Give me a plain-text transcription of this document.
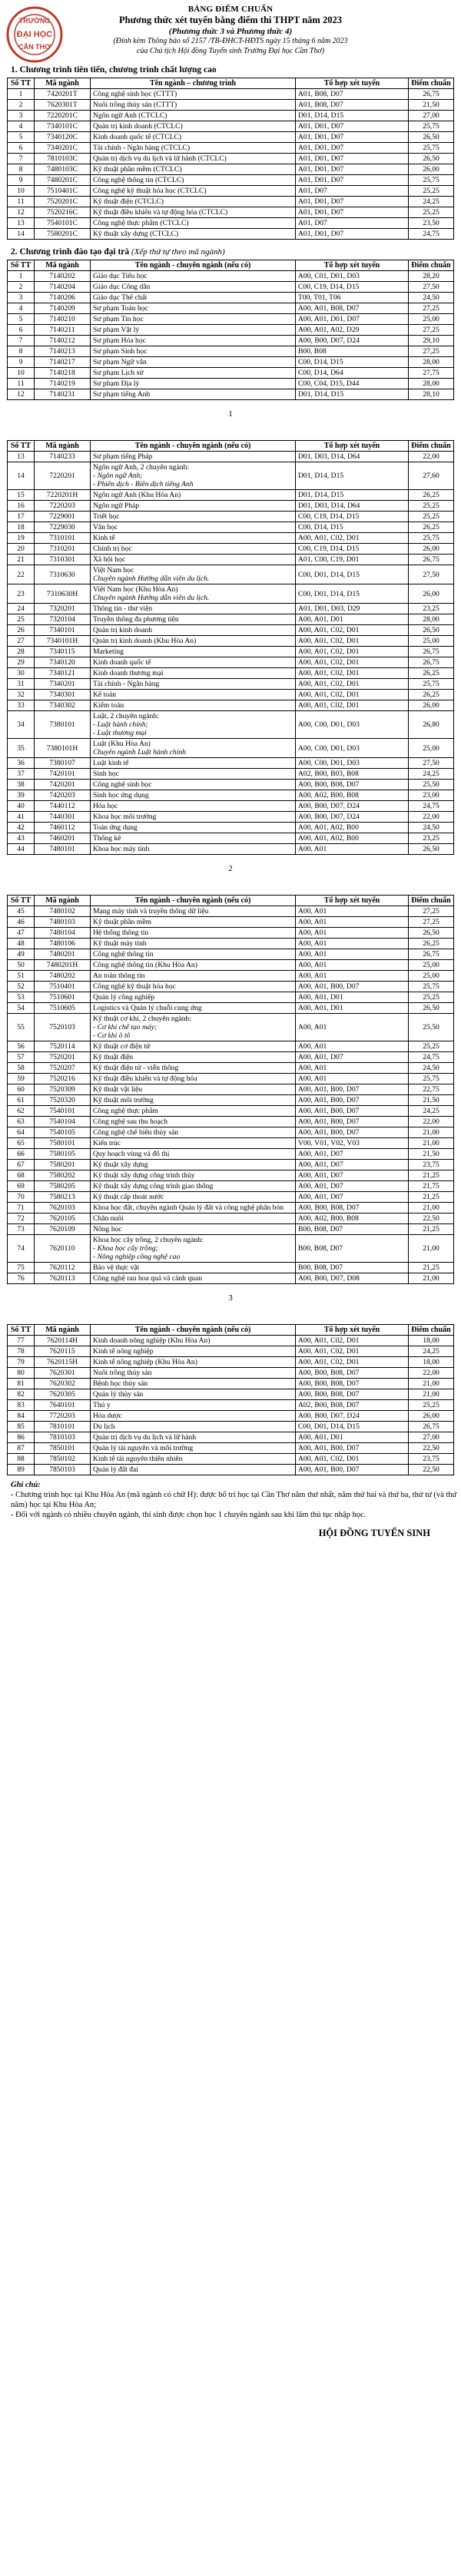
TRƯỜNG
ĐẠI HỌC
CẦN THƠ
BẢNG ĐIỂM CHUẨN
Phương thức xét tuyển bằng điểm thi THPT năm 2023
(Phương thức 3 và Phương thức 4)
(Đính kèm Thông báo số 2157 /TB-ĐHCT-HĐTS ngày 15 tháng 6 năm 2023
của Chủ tịch Hội đồng Tuyển sinh Trường Đại học Cần Thơ)
1. Chương trình tiên tiến, chương trình chất lượng cao
Số TT	Mã ngành	Tên ngành – chương trình	Tổ hợp xét tuyển	Điểm chuẩn
1	7420201T	Công nghệ sinh học (CTTT)	A01, B08, D07	26,75
2	7620301T	Nuôi trồng thủy sản (CTTT)	A01, B08, D07	21,50
3	7220201C	Ngôn ngữ Anh (CTCLC)	D01, D14, D15	27,00
4	7340101C	Quản trị kinh doanh (CTCLC)	A01, D01, D07	25,75
5	7340120C	Kinh doanh quốc tế (CTCLC)	A01, D01, D07	26,50
6	7340201C	Tài chính - Ngân hàng (CTCLC)	A01, D01, D07	25,75
7	7810103C	Quản trị dịch vụ du lịch và lữ hành (CTCLC)	A01, D01, D07	26,50
8	7480103C	Kỹ thuật phần mềm (CTCLC)	A01, D01, D07	26,00
9	7480201C	Công nghệ thông tin (CTCLC)	A01, D01, D07	25,75
10	7510401C	Công nghệ kỹ thuật hóa học (CTCLC)	A01, D07	25,25
11	7520201C	Kỹ thuật điện (CTCLC)	A01, D01, D07	24,25
12	7520216C	Kỹ thuật điều khiển và tự động hóa (CTCLC)	A01, D01, D07	25,25
13	7540101C	Công nghệ thực phẩm (CTCLC)	A01, D07	23,50
14	7580201C	Kỹ thuật xây dựng (CTCLC)	A01, D01, D07	24,75
2. Chương trình đào tạo đại trà (Xếp thứ tự theo mã ngành)
Số TT	Mã ngành	Tên ngành - chuyên ngành (nếu có)	Tổ hợp xét tuyển	Điểm chuẩn
1	7140202	Giáo dục Tiểu học	A00, C01, D01, D03	28,20
2	7140204	Giáo dục Công dân	C00, C19, D14, D15	27,50
3	7140206	Giáo dục Thể chất	T00, T01, T06	24,50
4	7140209	Sư phạm Toán học	A00, A01, B08, D07	27,25
5	7140210	Sư phạm Tin học	A00, A01, D01, D07	25,00
6	7140211	Sư phạm Vật lý	A00, A01, A02, D29	27,25
7	7140212	Sư phạm Hóa học	A00, B00, D07, D24	29,10
8	7140213	Sư phạm Sinh học	B00, B08	27,25
9	7140217	Sư phạm Ngữ văn	C00, D14, D15	28,00
10	7140218	Sư phạm Lịch sử	C00, D14, D64	27,75
11	7140219	Sư phạm Địa lý	C00, C04, D15, D44	28,00
12	7140231	Sư phạm tiếng Anh	D01, D14, D15	28,10
1
Số TT	Mã ngành	Tên ngành - chuyên ngành (nếu có)	Tổ hợp xét tuyển	Điểm chuẩn
13	7140233	Sư phạm tiếng Pháp	D01, D03, D14, D64	22,00
14	7220201	Ngôn ngữ Anh, 2 chuyên ngành:
- Ngôn ngữ Anh;
- Phiên dịch - Biên dịch tiếng Anh	D01, D14, D15	27,60
15	7220201H	Ngôn ngữ Anh (Khu Hòa An)	D01, D14, D15	26,25
16	7220203	Ngôn ngữ Pháp	D01, D03, D14, D64	25,25
17	7229001	Triết học	C00, C19, D14, D15	25,25
18	7229030	Văn học	C00, D14, D15	26,25
19	7310101	Kinh tế	A00, A01, C02, D01	25,75
20	7310201	Chính trị học	C00, C19, D14, D15	26,00
21	7310301	Xã hội học	A01, C00, C19, D01	26,75
22	7310630	Việt Nam học
Chuyên ngành Hướng dẫn viên du lịch.	C00, D01, D14, D15	27,50
23	7310630H	Việt Nam học (Khu Hòa An)
Chuyên ngành Hướng dẫn viên du lịch.	C00, D01, D14, D15	26,00
24	7320201	Thông tin - thư viện	A01, D01, D03, D29	23,25
25	7320104	Truyền thông đa phương tiện	A00, A01, D01	28,00
26	7340101	Quản trị kinh doanh	A00, A01, C02, D01	26,50
27	7340101H	Quản trị kinh doanh (Khu Hòa An)	A00, A01, C02, D01	25,00
28	7340115	Marketing	A00, A01, C02, D01	26,75
29	7340120	Kinh doanh quốc tế	A00, A01, C02, D01	26,75
30	7340121	Kinh doanh thương mại	A00, A01, C02, D01	26,25
31	7340201	Tài chính - Ngân hàng	A00, A01, C02, D01	25,75
32	7340301	Kế toán	A00, A01, C02, D01	26,25
33	7340302	Kiểm toán	A00, A01, C02, D01	26,00
34	7380101	Luật, 2 chuyên ngành:
- Luật hành chính;
- Luật thương mại	A00, C00, D01, D03	26,80
35	7380101H	Luật (Khu Hòa An)
Chuyên ngành Luật hành chính	A00, C00, D01, D03	25,00
36	7380107	Luật kinh tế	A00, C00, D01, D03	27,50
37	7420101	Sinh học	A02, B00, B03, B08	24,25
38	7420201	Công nghệ sinh học	A00, B00, B08, D07	25,50
39	7420203	Sinh học ứng dụng	A00, A02, B00, B08	23,00
40	7440112	Hóa học	A00, B00, D07, D24	24,75
41	7440301	Khoa học môi trường	A00, B00, D07, D24	22,00
42	7460112	Toán ứng dụng	A00, A01, A02, B00	24,50
43	7460201	Thống kê	A00, A01, A02, B00	23,25
44	7480101	Khoa học máy tính	A00, A01	26,50
2
Số TT	Mã ngành	Tên ngành - chuyên ngành (nếu có)	Tổ hợp xét tuyển	Điểm chuẩn
45	7480102	Mạng máy tính và truyền thông dữ liệu	A00, A01	27,25
46	7480103	Kỹ thuật phần mềm	A00, A01	27,25
47	7480104	Hệ thống thông tin	A00, A01	26,50
48	7480106	Kỹ thuật máy tính	A00, A01	26,25
49	7480201	Công nghệ thông tin	A00, A01	26,75
50	7480201H	Công nghệ thông tin (Khu Hòa An)	A00, A01	25,00
51	7480202	An toàn thông tin	A00, A01	25,00
52	7510401	Công nghệ kỹ thuật hóa học	A00, A01, B00, D07	25,75
53	7510601	Quản lý công nghiệp	A00, A01, D01	25,25
54	7510605	Logistics và Quản lý chuỗi cung ứng	A00, A01, D01	26,50
55	7520103	Kỹ thuật cơ khí, 2 chuyên ngành:
- Cơ khí chế tạo máy;
- Cơ khí ô tô	A00, A01	25,50
56	7520114	Kỹ thuật cơ điện tử	A00, A01	25,25
57	7520201	Kỹ thuật điện	A00, A01, D07	24,75
58	7520207	Kỹ thuật điện tử - viễn thông	A00, A01	24,50
59	7520216	Kỹ thuật điều khiển và tự động hóa	A00, A01	25,75
60	7520309	Kỹ thuật vật liệu	A00, A01, B00, D07	22,75
61	7520320	Kỹ thuật môi trường	A00, A01, B00, D07	21,50
62	7540101	Công nghệ thực phẩm	A00, A01, B00, D07	24,25
63	7540104	Công nghệ sau thu hoạch	A00, A01, B00, D07	22,00
64	7540105	Công nghệ chế biến thủy sản	A00, A01, B00, D07	21,00
65	7580101	Kiến trúc	V00, V01, V02, V03	21,00
66	7580105	Quy hoạch vùng và đô thị	A00, A01, D07	21,50
67	7580201	Kỹ thuật xây dựng	A00, A01, D07	23,75
68	7580202	Kỹ thuật xây dựng công trình thủy	A00, A01, D07	21,25
69	7580205	Kỹ thuật xây dựng công trình giao thông	A00, A01, D07	21,75
70	7580213	Kỹ thuật cấp thoát nước	A00, A01, D07	21,25
71	7620103	Khoa học đất, chuyên ngành Quản lý đất và công nghệ phân bón	A00, B00, B08, D07	21,00
72	7620105	Chăn nuôi	A00, A02, B00, B08	22,50
73	7620109	Nông học	B00, B08, D07	21,25
74	7620110	Khoa học cây trồng, 2 chuyên ngành:
- Khoa học cây trồng;
- Nông nghiệp công nghệ cao	B00, B08, D07	21,00
75	7620112	Bảo vệ thực vật	B00, B08, D07	21,25
76	7620113	Công nghệ rau hoa quả và cảnh quan	A00, B00, D07, D08	21,00
3
Số TT	Mã ngành	Tên ngành - chuyên ngành (nếu có)	Tổ hợp xét tuyển	Điểm chuẩn
77	7620114H	Kinh doanh nông nghiệp (Khu Hòa An)	A00, A01, C02, D01	18,00
78	7620115	Kinh tế nông nghiệp	A00, A01, C02, D01	24,25
79	7620115H	Kinh tế nông nghiệp (Khu Hòa An)	A00, A01, C02, D01	18,00
80	7620301	Nuôi trồng thủy sản	A00, B00, B08, D07	22,00
81	7620302	Bệnh học thủy sản	A00, B00, B08, D07	21,00
82	7620305	Quản lý thủy sản	A00, B00, B08, D07	21,00
83	7640101	Thú y	A02, B00, B08, D07	25,25
84	7720203	Hóa dược	A00, B00, D07, D24	26,00
85	7810101	Du lịch	C00, D01, D14, D15	26,75
86	7810103	Quản trị dịch vụ du lịch và lữ hành	A00, A01, D01	27,00
87	7850101	Quản lý tài nguyên và môi trường	A00, A01, B00, D07	22,50
88	7850102	Kinh tế tài nguyên thiên nhiên	A00, A01, C02, D01	23,75
89	7850103	Quản lý đất đai	A00, A01, B00, D07	22,50
Ghi chú:
- Chương trình học tại Khu Hòa An (mã ngành có chữ H): được bố trí học tại Cần Thơ năm thứ nhất, năm thứ hai và thứ ba, thứ tư (và thứ năm) học tại Khu Hòa An;
- Đối với ngành có nhiều chuyên ngành, thí sinh được chọn học 1 chuyên ngành sau khi lâm thủ tục nhập học.
HỘI ĐỒNG TUYỂN SINH
